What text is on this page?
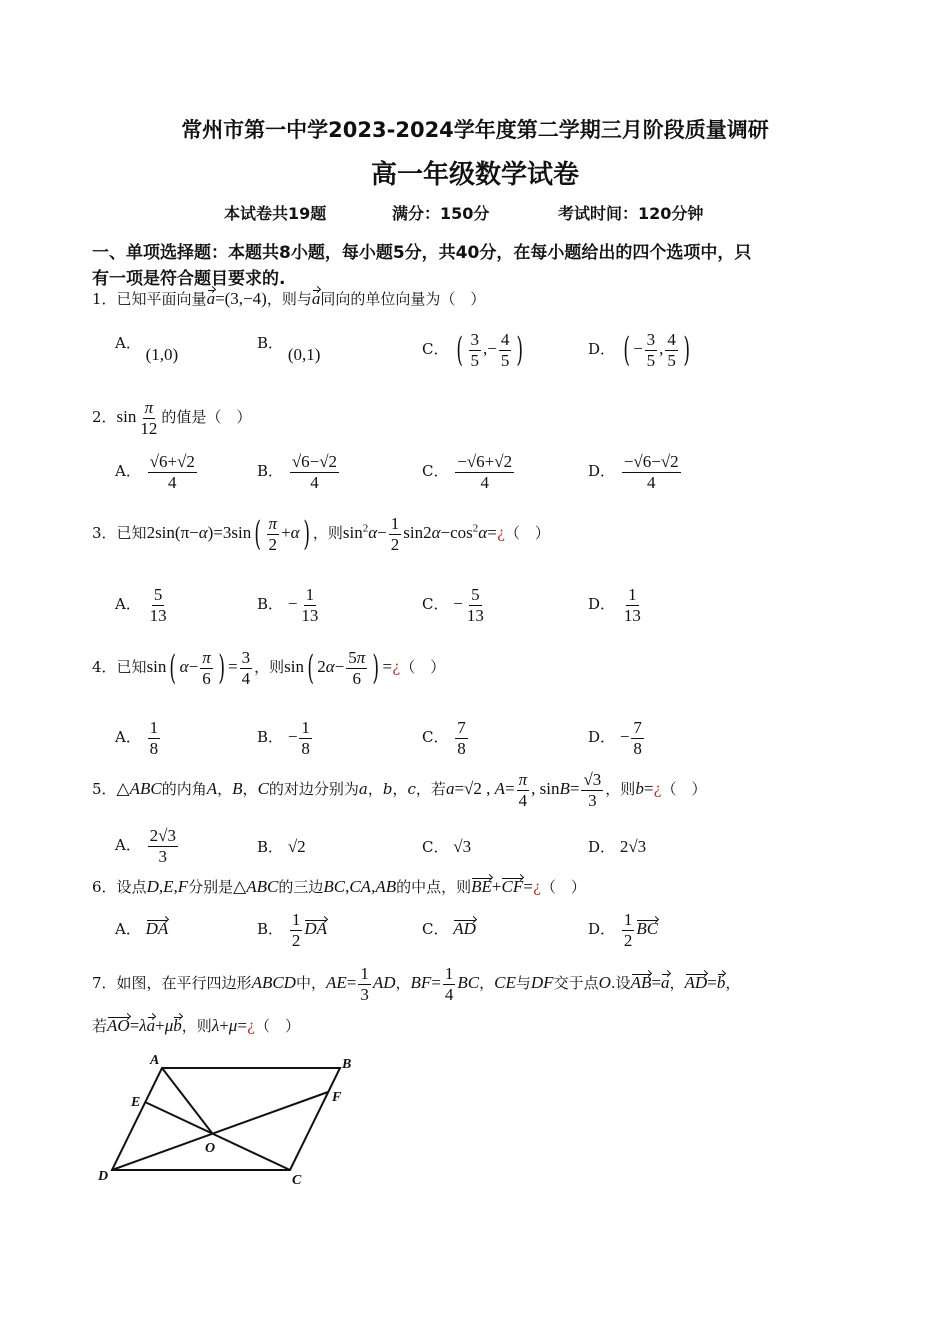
常州市第一中学2023-2024学年度第二学期三月阶段质量调研
高一年级数学试卷
本试卷共19题	满分：150分	考试时间：120分钟
一、单项选择题：本题共8小题，每小题5分，共40分，在每小题给出的四个选项中，只
有一项是符合题目要求的.
1．已知平面向量a=(3,−4)，则与a同向的单位向量为（　）
A． (1,0)
B． (0,1)	C． ( $\frac{3}{5}$ ,− $\frac{4}{5}$ )	D． ( − $\frac{3}{5}$ , $\frac{4}{5}$ )
2．$\sin \frac{\pi}{12}$ 的值是（　）
A． $\frac{√6+√2}{4}$	B． $\frac{√6-√2}{4}$	C． $\frac{-√6+√2}{4}$	D． $\frac{-√6-√2}{4}$
3．已知$2\sin(\pi-\alpha)=3\sin( \frac{\pi}{2} +\alpha)$ ，则$\sin^2\alpha- \frac{1}{2}$ $\sin 2\alpha-\cos^2\alpha=¿$（　）
A． $\frac{5}{13}$	B． − $\frac{1}{13}$	C． − $\frac{5}{13}$	D． $\frac{1}{13}$
4．已知sin( $\alpha- \frac{\pi}{6}$ ) = $\frac{3}{4}$ ，则sin( $2\alpha- \frac{5\pi}{6}$ ) =¿（　）
A． $\frac{1}{8}$	B． − $\frac{1}{8}$	C． $\frac{7}{8}$	D． − $\frac{7}{8}$
5．△ABC的内角A，B，C的对边分别为a，b，c，若a=√2 , $A= \frac{\pi}{4}$ , $\sin B= \frac{√3}{3}$ ，则b=¿（　）
A． $\frac{2√3}{3}$	B． √2	C． √3	D． 2√3
6．设点D,E,F分别是△ABC的三边BC,CA,AB的中点，则BE+CF=¿（　）
A． DA	B． $\frac{1}{2}$ DA	C． AD	D． $\frac{1}{2}$ BC
7．如图，在平行四边形ABCD中，$AE= \frac{1}{3}$ AD，$BF= \frac{1}{4}$ BC，CE与DF交于点O.设AB=a，AD=b，
若AO=λa+μb，则λ+μ=¿（　）
A	B
C
D
E	F
O
